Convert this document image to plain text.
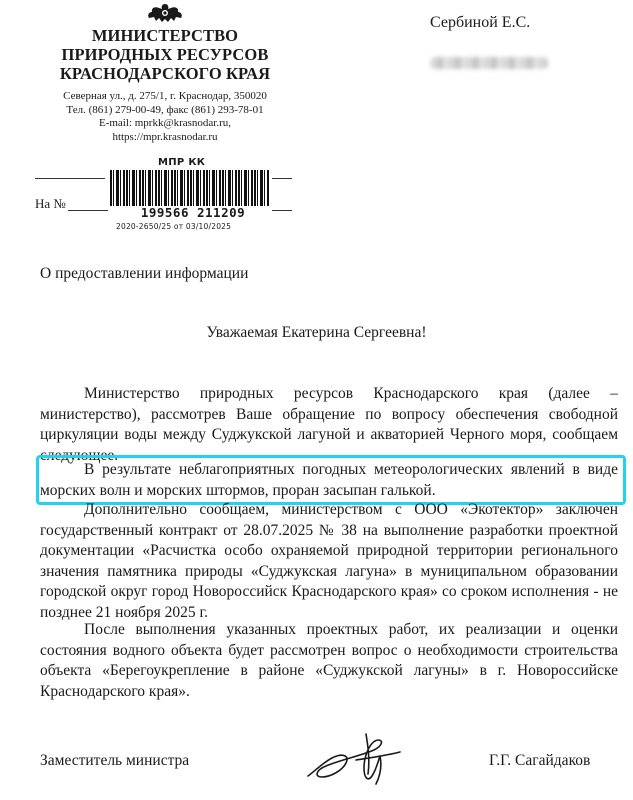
МИНИСТЕРСТВО
ПРИРОДНЫХ РЕСУРСОВ
КРАСНОДАРСКОГО КРАЯ
Северная ул., д. 275/1, г. Краснодар, 350020
Тел. (861) 279-00-49, факс (861) 293-78-01
E-mail: mprkk@krasnodar.ru,
https://mpr.krasnodar.ru
Сербиной Е.С.
На №
МПР КК
199566 211209
2020-2650/25 от 03/10/2025
О предоставлении информации
Уважаемая Екатерина Сергеевна!
Министерство природных ресурсов Краснодарского края (далее – министерство), рассмотрев Ваше обращение по вопросу обеспечения свободной циркуляции воды между Суджукской лагуной и акваторией Черного моря, сообщаем следующее.
В результате неблагоприятных погодных метеорологических явлений в виде морских волн и морских штормов, проран засыпан галькой.
Дополнительно сообщаем, министерством с ООО «Экотектор» заключен государственный контракт от 28.07.2025 № 38 на выполнение разработки проектной документации «Расчистка особо охраняемой природной территории регионального значения памятника природы «Суджукская лагуна» в муниципальном образовании городской округ город Новороссийск Краснодарского края» со сроком исполнения - не позднее 21 ноября 2025 г.
После выполнения указанных проектных работ, их реализации и оценки состояния водного объекта будет рассмотрен вопрос о необходимости строительства объекта «Берегоукрепление в районе «Суджукской лагуны» в г. Новороссийске Краснодарского края».
Заместитель министра	Г.Г. Сагайдаков
